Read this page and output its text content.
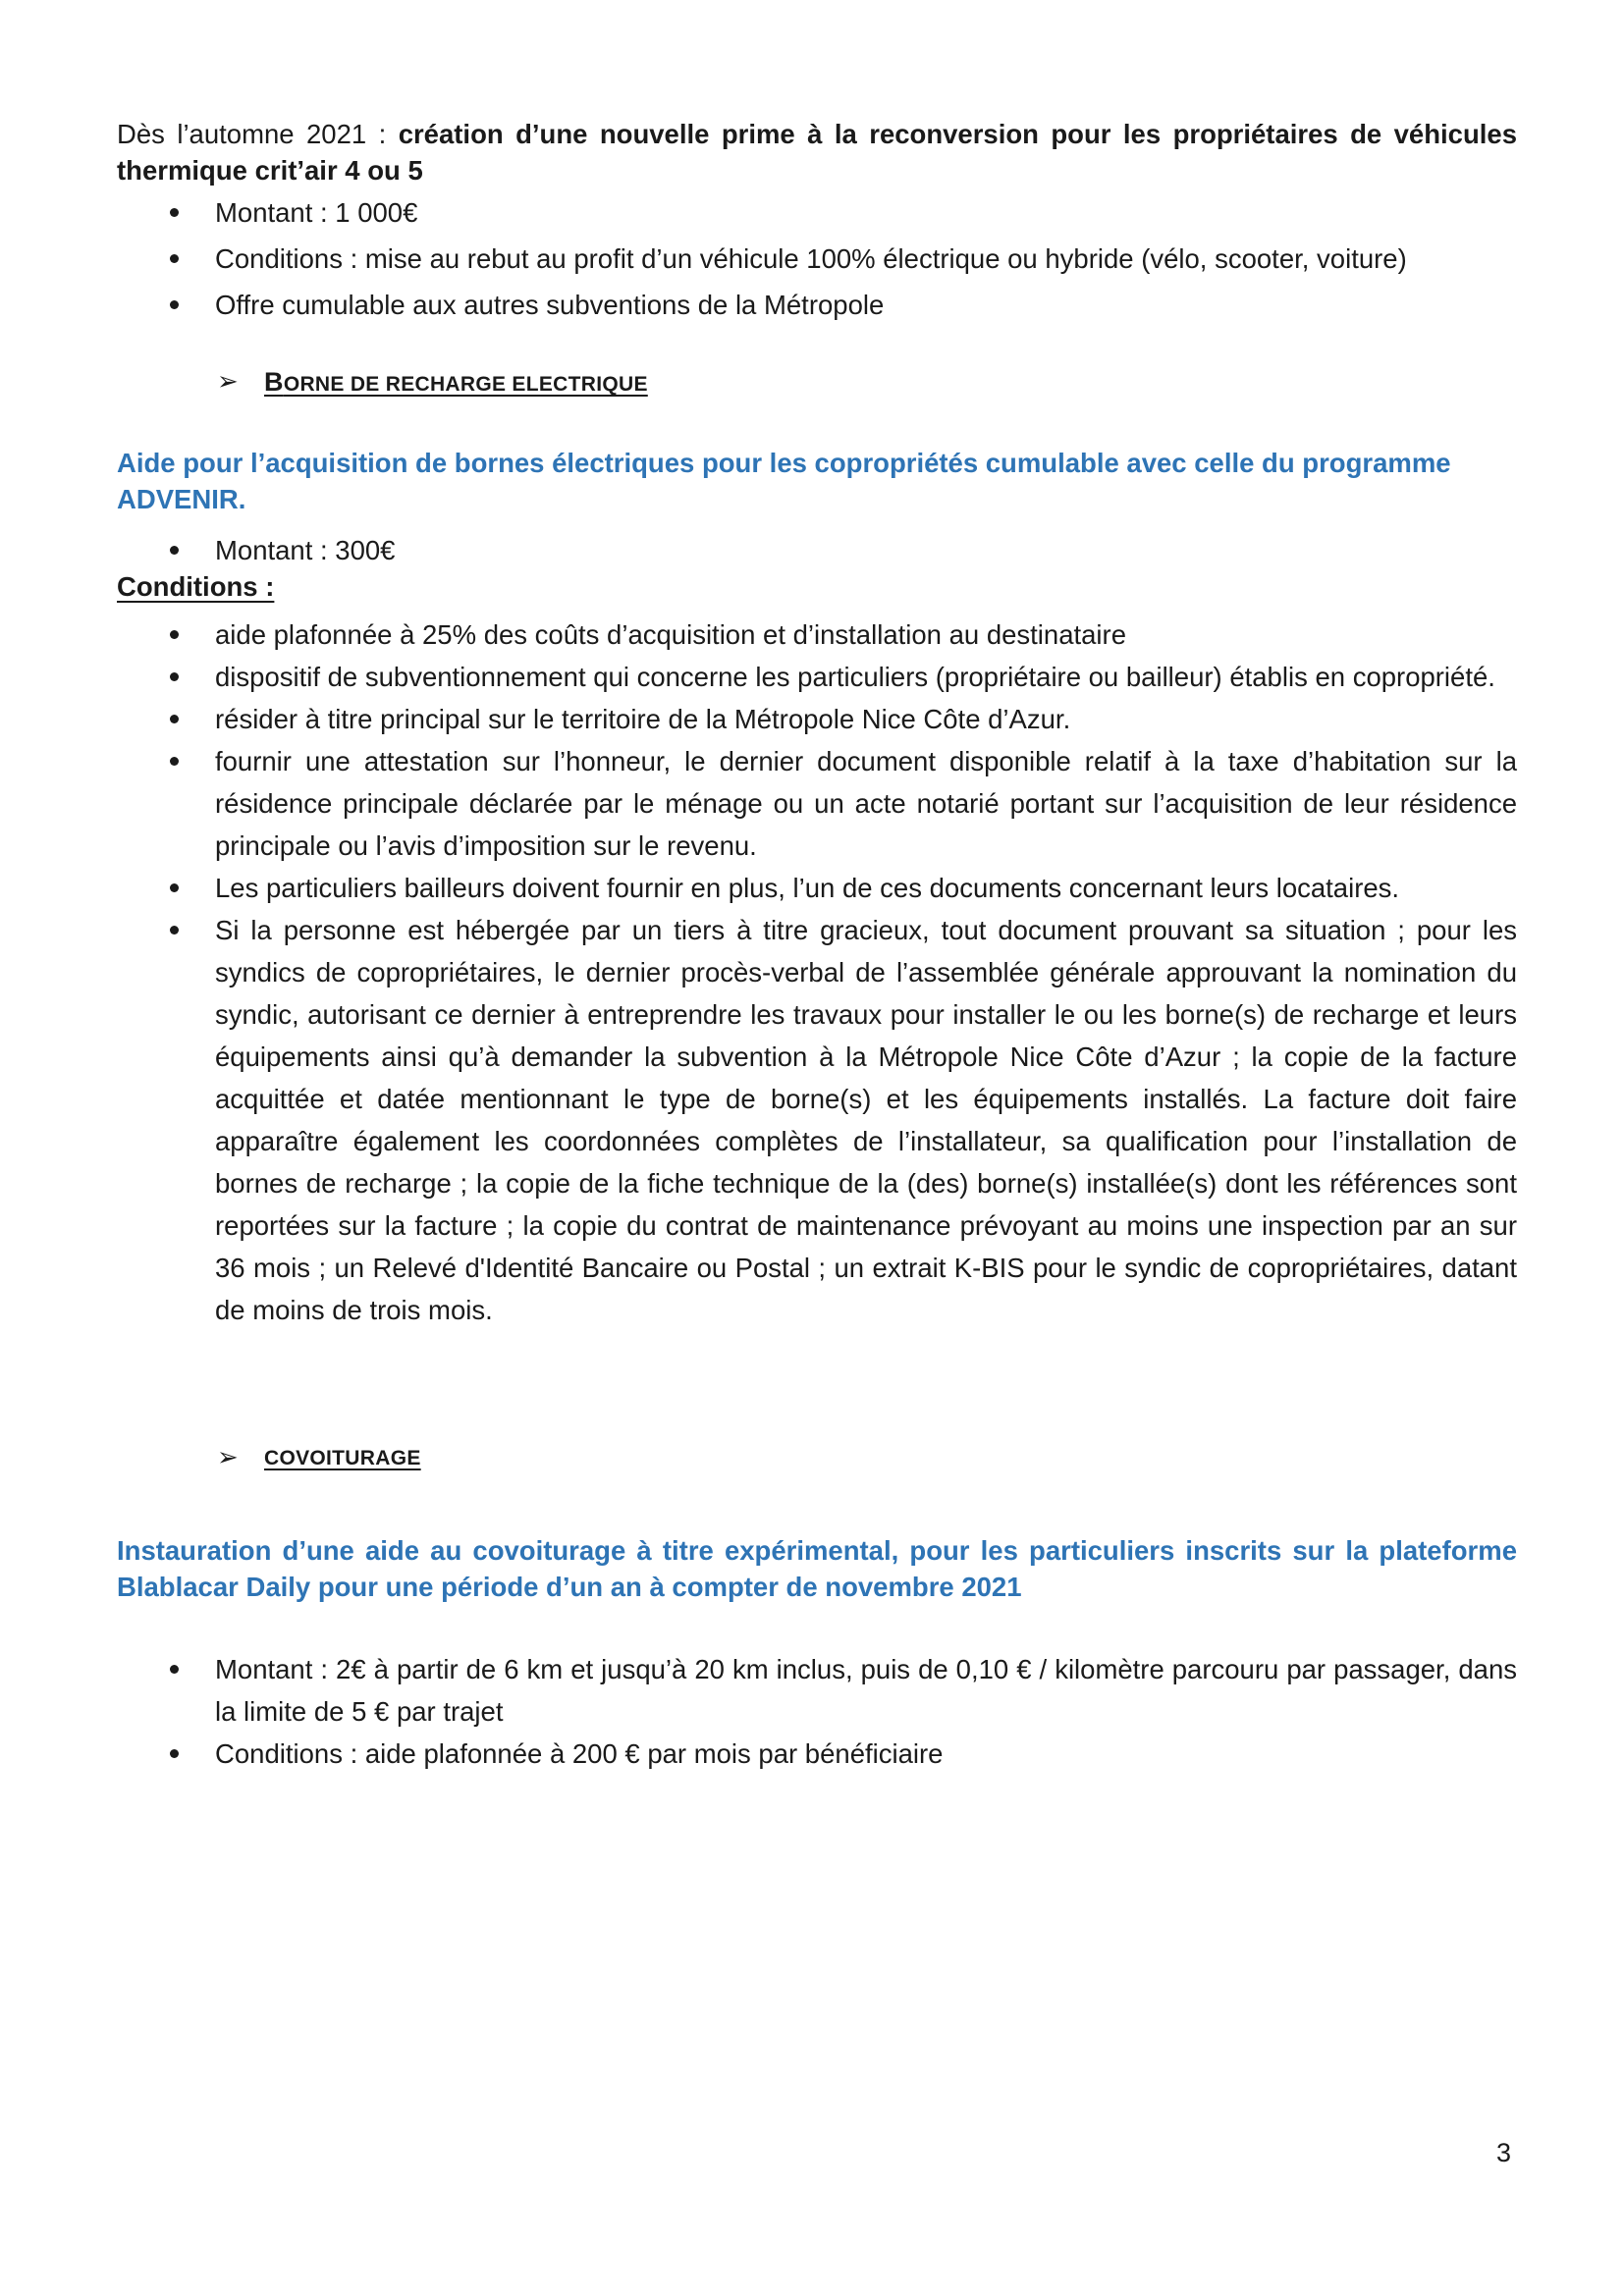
Dès l’automne 2021 : création d’une nouvelle prime à la reconversion pour les propriétaires de véhicules thermique crit’air 4 ou 5
Montant : 1 000€
Conditions : mise au rebut au profit d’un véhicule 100% électrique ou hybride (vélo, scooter, voiture)
Offre cumulable aux autres subventions de la Métropole
➢ BORNE DE RECHARGE ELECTRIQUE
Aide pour l’acquisition de bornes électriques pour les copropriétés cumulable avec celle du programme ADVENIR.
Montant : 300€
Conditions :
aide plafonnée à 25% des coûts d’acquisition et d’installation au destinataire
dispositif de subventionnement qui concerne les particuliers (propriétaire ou bailleur) établis en copropriété.
résider à titre principal sur le territoire de la Métropole Nice Côte d’Azur.
fournir une attestation sur l’honneur, le dernier document disponible relatif à la taxe d’habitation sur la résidence principale déclarée par le ménage ou un acte notarié portant sur l’acquisition de leur résidence principale ou l’avis d’imposition sur le revenu.
Les particuliers bailleurs doivent fournir en plus, l’un de ces documents concernant leurs locataires.
Si la personne est hébergée par un tiers à titre gracieux, tout document prouvant sa situation ; pour les syndics de copropriétaires, le dernier procès-verbal de l’assemblée générale approuvant la nomination du syndic, autorisant ce dernier à entreprendre les travaux pour installer le ou les borne(s) de recharge et leurs équipements ainsi qu’à demander la subvention à la Métropole Nice Côte d’Azur ; la copie de la facture acquittée et datée mentionnant le type de borne(s) et les équipements installés. La facture doit faire apparaître également les coordonnées complètes de l’installateur, sa qualification pour l’installation de bornes de recharge ; la copie de la fiche technique de la (des) borne(s) installée(s) dont les références sont reportées sur la facture ; la copie du contrat de maintenance prévoyant au moins une inspection par an sur 36 mois ; un Relevé d'Identité Bancaire ou Postal ; un extrait K-BIS pour le syndic de copropriétaires, datant de moins de trois mois.
➢ COVOITURAGE
Instauration d’une aide au covoiturage à titre expérimental, pour les particuliers inscrits sur la plateforme Blablacar Daily pour une période d’un an à compter de novembre 2021
Montant : 2€ à partir de 6 km et jusqu’à 20 km inclus, puis de 0,10 € / kilomètre parcouru par passager, dans la limite de 5 € par trajet
Conditions : aide plafonnée à 200 € par mois par bénéficiaire
3
